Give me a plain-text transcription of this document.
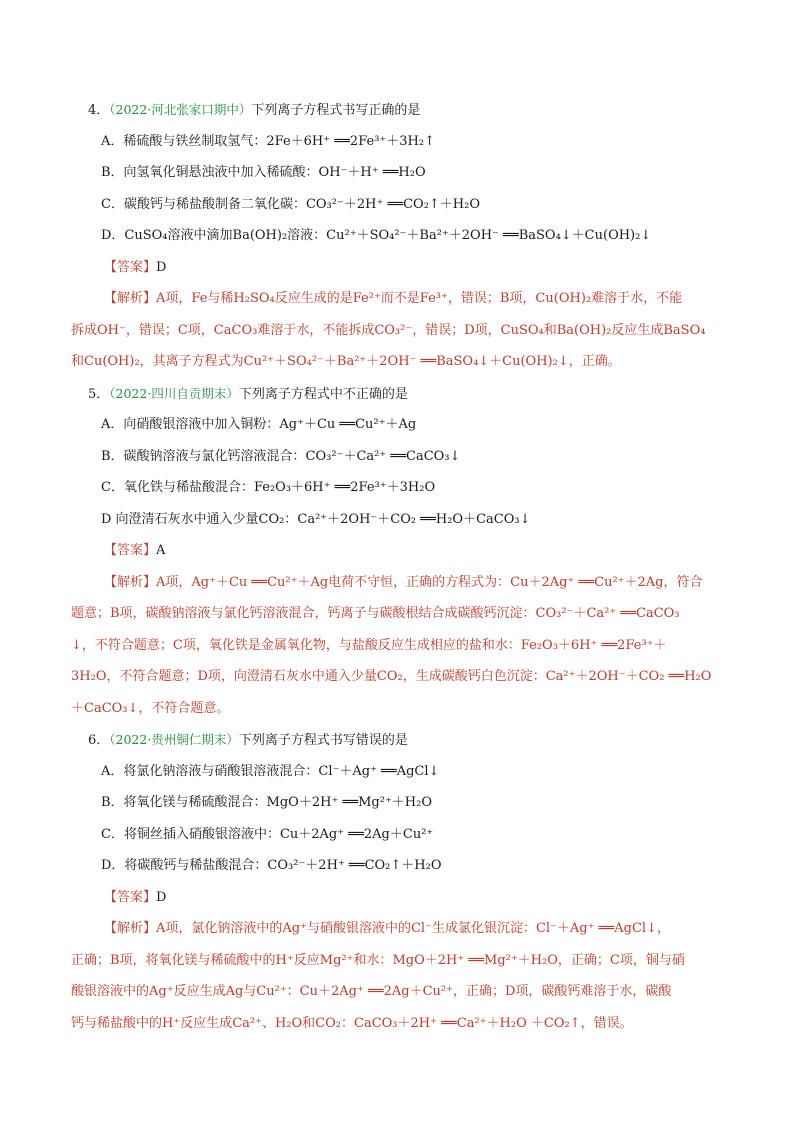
4．（2022·河北张家口期中）下列离子方程式书写正确的是
A．稀硫酸与铁丝制取氢气：2Fe＋6H⁺ ══2Fe³⁺＋3H₂↑
B．向氢氧化铜悬浊液中加入稀硫酸：OH⁻＋H⁺ ══H₂O
C．碳酸钙与稀盐酸制备二氧化碳：CO₃²⁻＋2H⁺ ══CO₂↑＋H₂O
D．CuSO₄溶液中滴加Ba(OH)₂溶液：Cu²⁺＋SO₄²⁻＋Ba²⁺＋2OH⁻ ══BaSO₄↓＋Cu(OH)₂↓
【答案】D
【解析】A项，Fe与稀H₂SO₄反应生成的是Fe²⁺而不是Fe³⁺，错误；B项，Cu(OH)₂难溶于水，不能
拆成OH⁻，错误；C项，CaCO₃难溶于水，不能拆成CO₃²⁻，错误；D项，CuSO₄和Ba(OH)₂反应生成BaSO₄
和Cu(OH)₂，其离子方程式为Cu²⁺＋SO₄²⁻＋Ba²⁺＋2OH⁻ ══BaSO₄↓＋Cu(OH)₂↓，正确。
5．（2022·四川自贡期末）下列离子方程式中不正确的是
A．向硝酸银溶液中加入铜粉：Ag⁺＋Cu ══Cu²⁺＋Ag
B．碳酸钠溶液与氯化钙溶液混合：CO₃²⁻＋Ca²⁺ ══CaCO₃↓
C．氧化铁与稀盐酸混合：Fe₂O₃＋6H⁺ ══2Fe³⁺＋3H₂O
D 向澄清石灰水中通入少量CO₂：Ca²⁺＋2OH⁻＋CO₂ ══H₂O＋CaCO₃↓
【答案】A
【解析】A项，Ag⁺＋Cu ══Cu²⁺＋Ag电荷不守恒，正确的方程式为：Cu＋2Ag⁺ ══Cu²⁺＋2Ag，符合
题意；B项，碳酸钠溶液与氯化钙溶液混合，钙离子与碳酸根结合成碳酸钙沉淀：CO₃²⁻＋Ca²⁺ ══CaCO₃
↓，不符合题意；C项，氧化铁是金属氧化物，与盐酸反应生成相应的盐和水：Fe₂O₃＋6H⁺ ══2Fe³⁺＋
3H₂O，不符合题意；D项，向澄清石灰水中通入少量CO₂，生成碳酸钙白色沉淀：Ca²⁺＋2OH⁻＋CO₂ ══H₂O
＋CaCO₃↓，不符合题意。
6．（2022·贵州铜仁期末）下列离子方程式书写错误的是
A．将氯化钠溶液与硝酸银溶液混合：Cl⁻＋Ag⁺ ══AgCl↓
B．将氧化镁与稀硫酸混合：MgO＋2H⁺ ══Mg²⁺＋H₂O
C．将铜丝插入硝酸银溶液中：Cu＋2Ag⁺ ══2Ag＋Cu²⁺
D．将碳酸钙与稀盐酸混合：CO₃²⁻＋2H⁺ ══CO₂↑＋H₂O
【答案】D
【解析】A项，氯化钠溶液中的Ag⁺与硝酸银溶液中的Cl⁻生成氯化银沉淀：Cl⁻＋Ag⁺ ══AgCl↓，
正确；B项，将氧化镁与稀硫酸中的H⁺反应Mg²⁺和水：MgO＋2H⁺ ══Mg²⁺＋H₂O，正确；C项，铜与硝
酸银溶液中的Ag⁺反应生成Ag与Cu²⁺：Cu＋2Ag⁺ ══2Ag＋Cu²⁺，正确；D项，碳酸钙难溶于水，碳酸
钙与稀盐酸中的H⁺反应生成Ca²⁺、H₂O和CO₂：CaCO₃＋2H⁺ ══Ca²⁺＋H₂O ＋CO₂↑，错误。
